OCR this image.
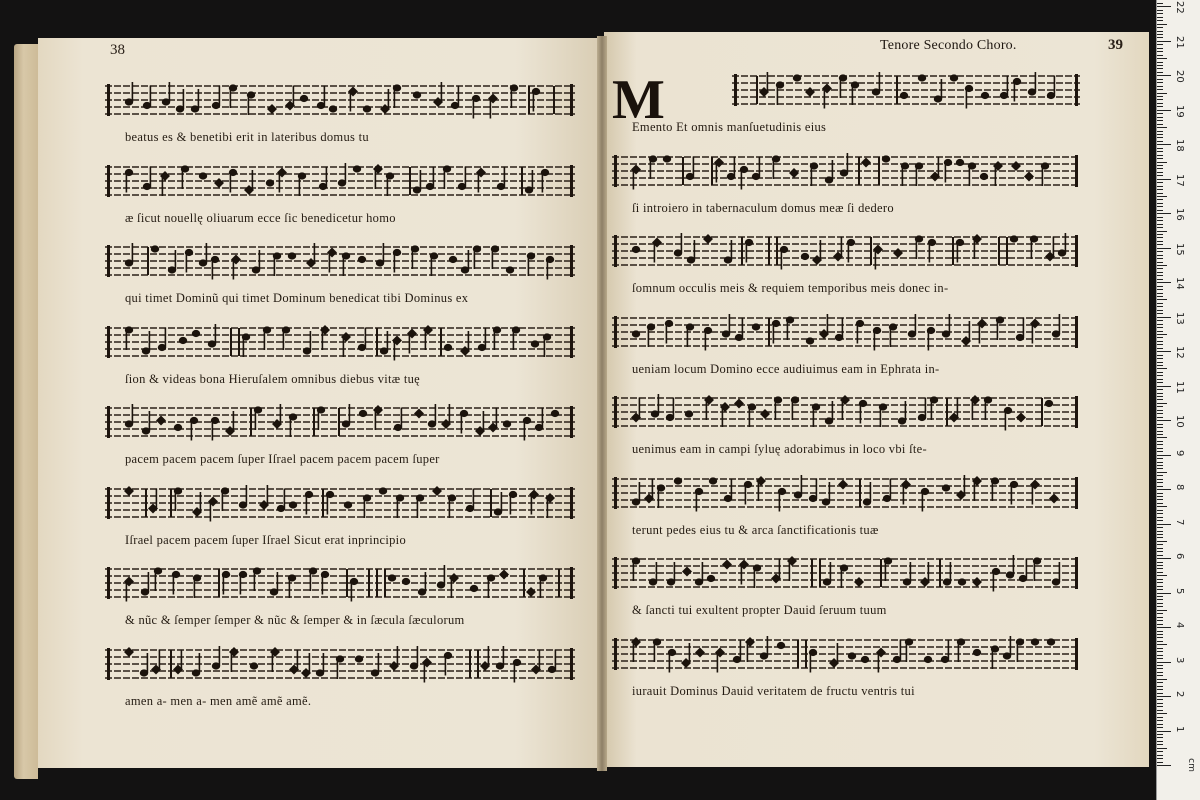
38	Tenore Secondo Choro.	39
M
beatus es & benetibi erit in lateribus domus tu
æ ſicut nouellę oliuarum ecce ſic benedicetur homo
qui timet Dominũ qui timet Dominum benedicat tibi Dominus ex
ſion & videas bona Hieruſalem omnibus diebus vitæ tuę
pacem pacem pacem ſuper Iſrael pacem pacem pacem ſuper
Iſrael pacem pacem ſuper Iſrael Sicut erat inprincipio
& nũc & ſemper ſemper & nũc & ſemper & in ſæcula ſæculorum
amen a- men a- men amẽ amẽ amẽ.
Emento Et omnis manſuetudinis eius
ſi introiero in tabernaculum domus meæ ſi dedero
ſomnum occulis meis & requiem temporibus meis donec in-
ueniam locum Domino ecce audiuimus eam in Ephrata in-
uenimus eam in campi ſyluę adorabimus in loco vbi ſte-
terunt pedes eius tu & arca ſanctificationis tuæ
& ſancti tui exultent propter Dauid ſeruum tuum
iurauit Dominus Dauid veritatem de fructu ventris tui
1
2
3
4
5
6
7
8
9
10
11
12
13
14
15
16
17
18
19
20
21
22
cm
